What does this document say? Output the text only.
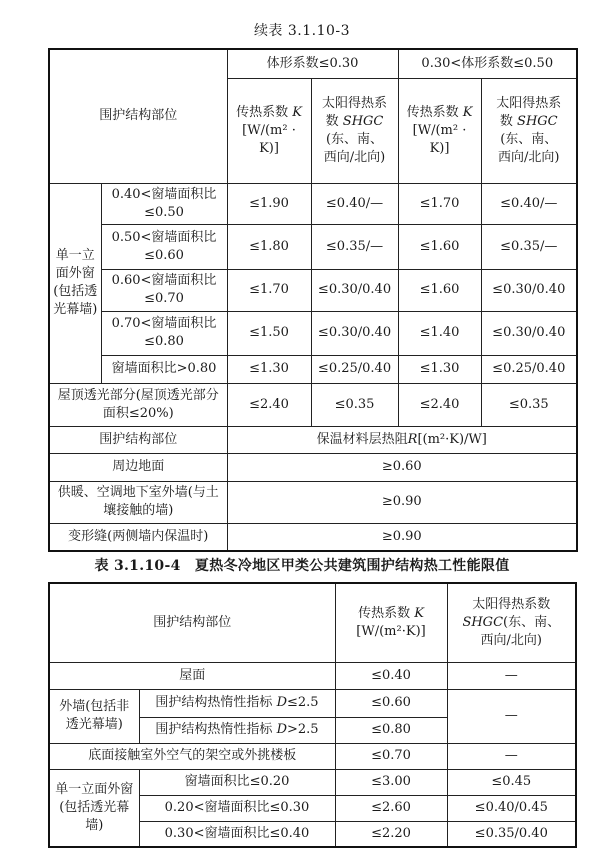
续表 3.1.10-3
围护结构部位		体形系数≤0.30		0.30<体形系数≤0.50	
		传热系数 K
[W/(m² ·
K)]	太阳得热系
数 SHGC
(东、南、
西向/北向)	传热系数 K
[W/(m² ·
K)]	太阳得热系
数 SHGC
(东、南、
西向/北向)
单一立面外窗(包括透光幕墙)	0.40<窗墙面积比≤0.50	≤1.90	≤0.40/—	≤1.70	≤0.40/—
	0.50<窗墙面积比≤0.60	≤1.80	≤0.35/—	≤1.60	≤0.35/—
	0.60<窗墙面积比≤0.70	≤1.70	≤0.30/0.40	≤1.60	≤0.30/0.40
	0.70<窗墙面积比≤0.80	≤1.50	≤0.30/0.40	≤1.40	≤0.30/0.40
	窗墙面积比>0.80	≤1.30	≤0.25/0.40	≤1.30	≤0.25/0.40
屋顶透光部分(屋顶透光部分面积≤20%)		≤2.40	≤0.35	≤2.40	≤0.35
围护结构部位		保温材料层热阻R[(m²·K)/W]			
周边地面		≥0.60			
供暖、空调地下室外墙(与土壤接触的墙)		≥0.90			
变形缝(两侧墙内保温时)		≥0.90			
表 3.1.10-4　夏热冬冷地区甲类公共建筑围护结构热工性能限值
围护结构部位		传热系数 K
[W/(m²·K)]	太阳得热系数
SHGC(东、南、
西向/北向)
屋面		≤0.40	—
外墙(包括非透光幕墙)	围护结构热惰性指标 D≤2.5	≤0.60	—
	围护结构热惰性指标 D>2.5	≤0.80	
底面接触室外空气的架空或外挑楼板		≤0.70	—
单一立面外窗(包括透光幕墙)	窗墙面积比≤0.20	≤3.00	≤0.45
	0.20<窗墙面积比≤0.30	≤2.60	≤0.40/0.45
	0.30<窗墙面积比≤0.40	≤2.20	≤0.35/0.40
